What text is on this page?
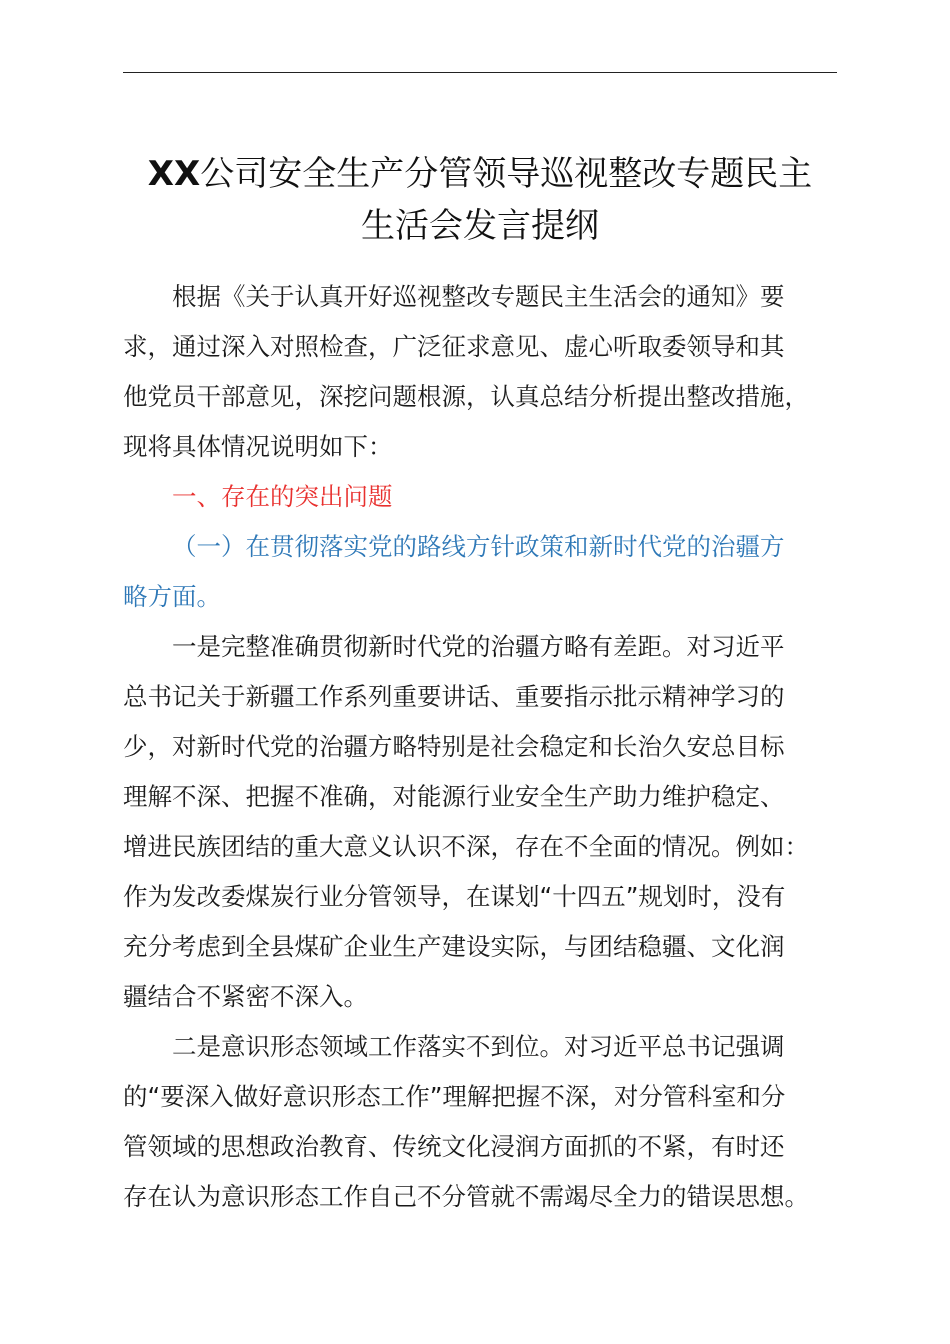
XX公司安全生产分管领导巡视整改专题民主
生活会发言提纲

根据《关于认真开好巡视整改专题民主生活会的通知》要
求，通过深入对照检查，广泛征求意见、虚心听取委领导和其
他党员干部意见，深挖问题根源，认真总结分析提出整改措施，
现将具体情况说明如下：

一、存在的突出问题

（一）在贯彻落实党的路线方针政策和新时代党的治疆方
略方面。

一是完整准确贯彻新时代党的治疆方略有差距。对习近平
总书记关于新疆工作系列重要讲话、重要指示批示精神学习的
少，对新时代党的治疆方略特别是社会稳定和长治久安总目标
理解不深、把握不准确，对能源行业安全生产助力维护稳定、
增进民族团结的重大意义认识不深，存在不全面的情况。例如：
作为发改委煤炭行业分管领导，在谋划“十四五”规划时，没有
充分考虑到全县煤矿企业生产建设实际，与团结稳疆、文化润
疆结合不紧密不深入。

二是意识形态领域工作落实不到位。对习近平总书记强调
的“要深入做好意识形态工作”理解把握不深，对分管科室和分
管领域的思想政治教育、传统文化浸润方面抓的不紧，有时还
存在认为意识形态工作自己不分管就不需竭尽全力的错误思想。
